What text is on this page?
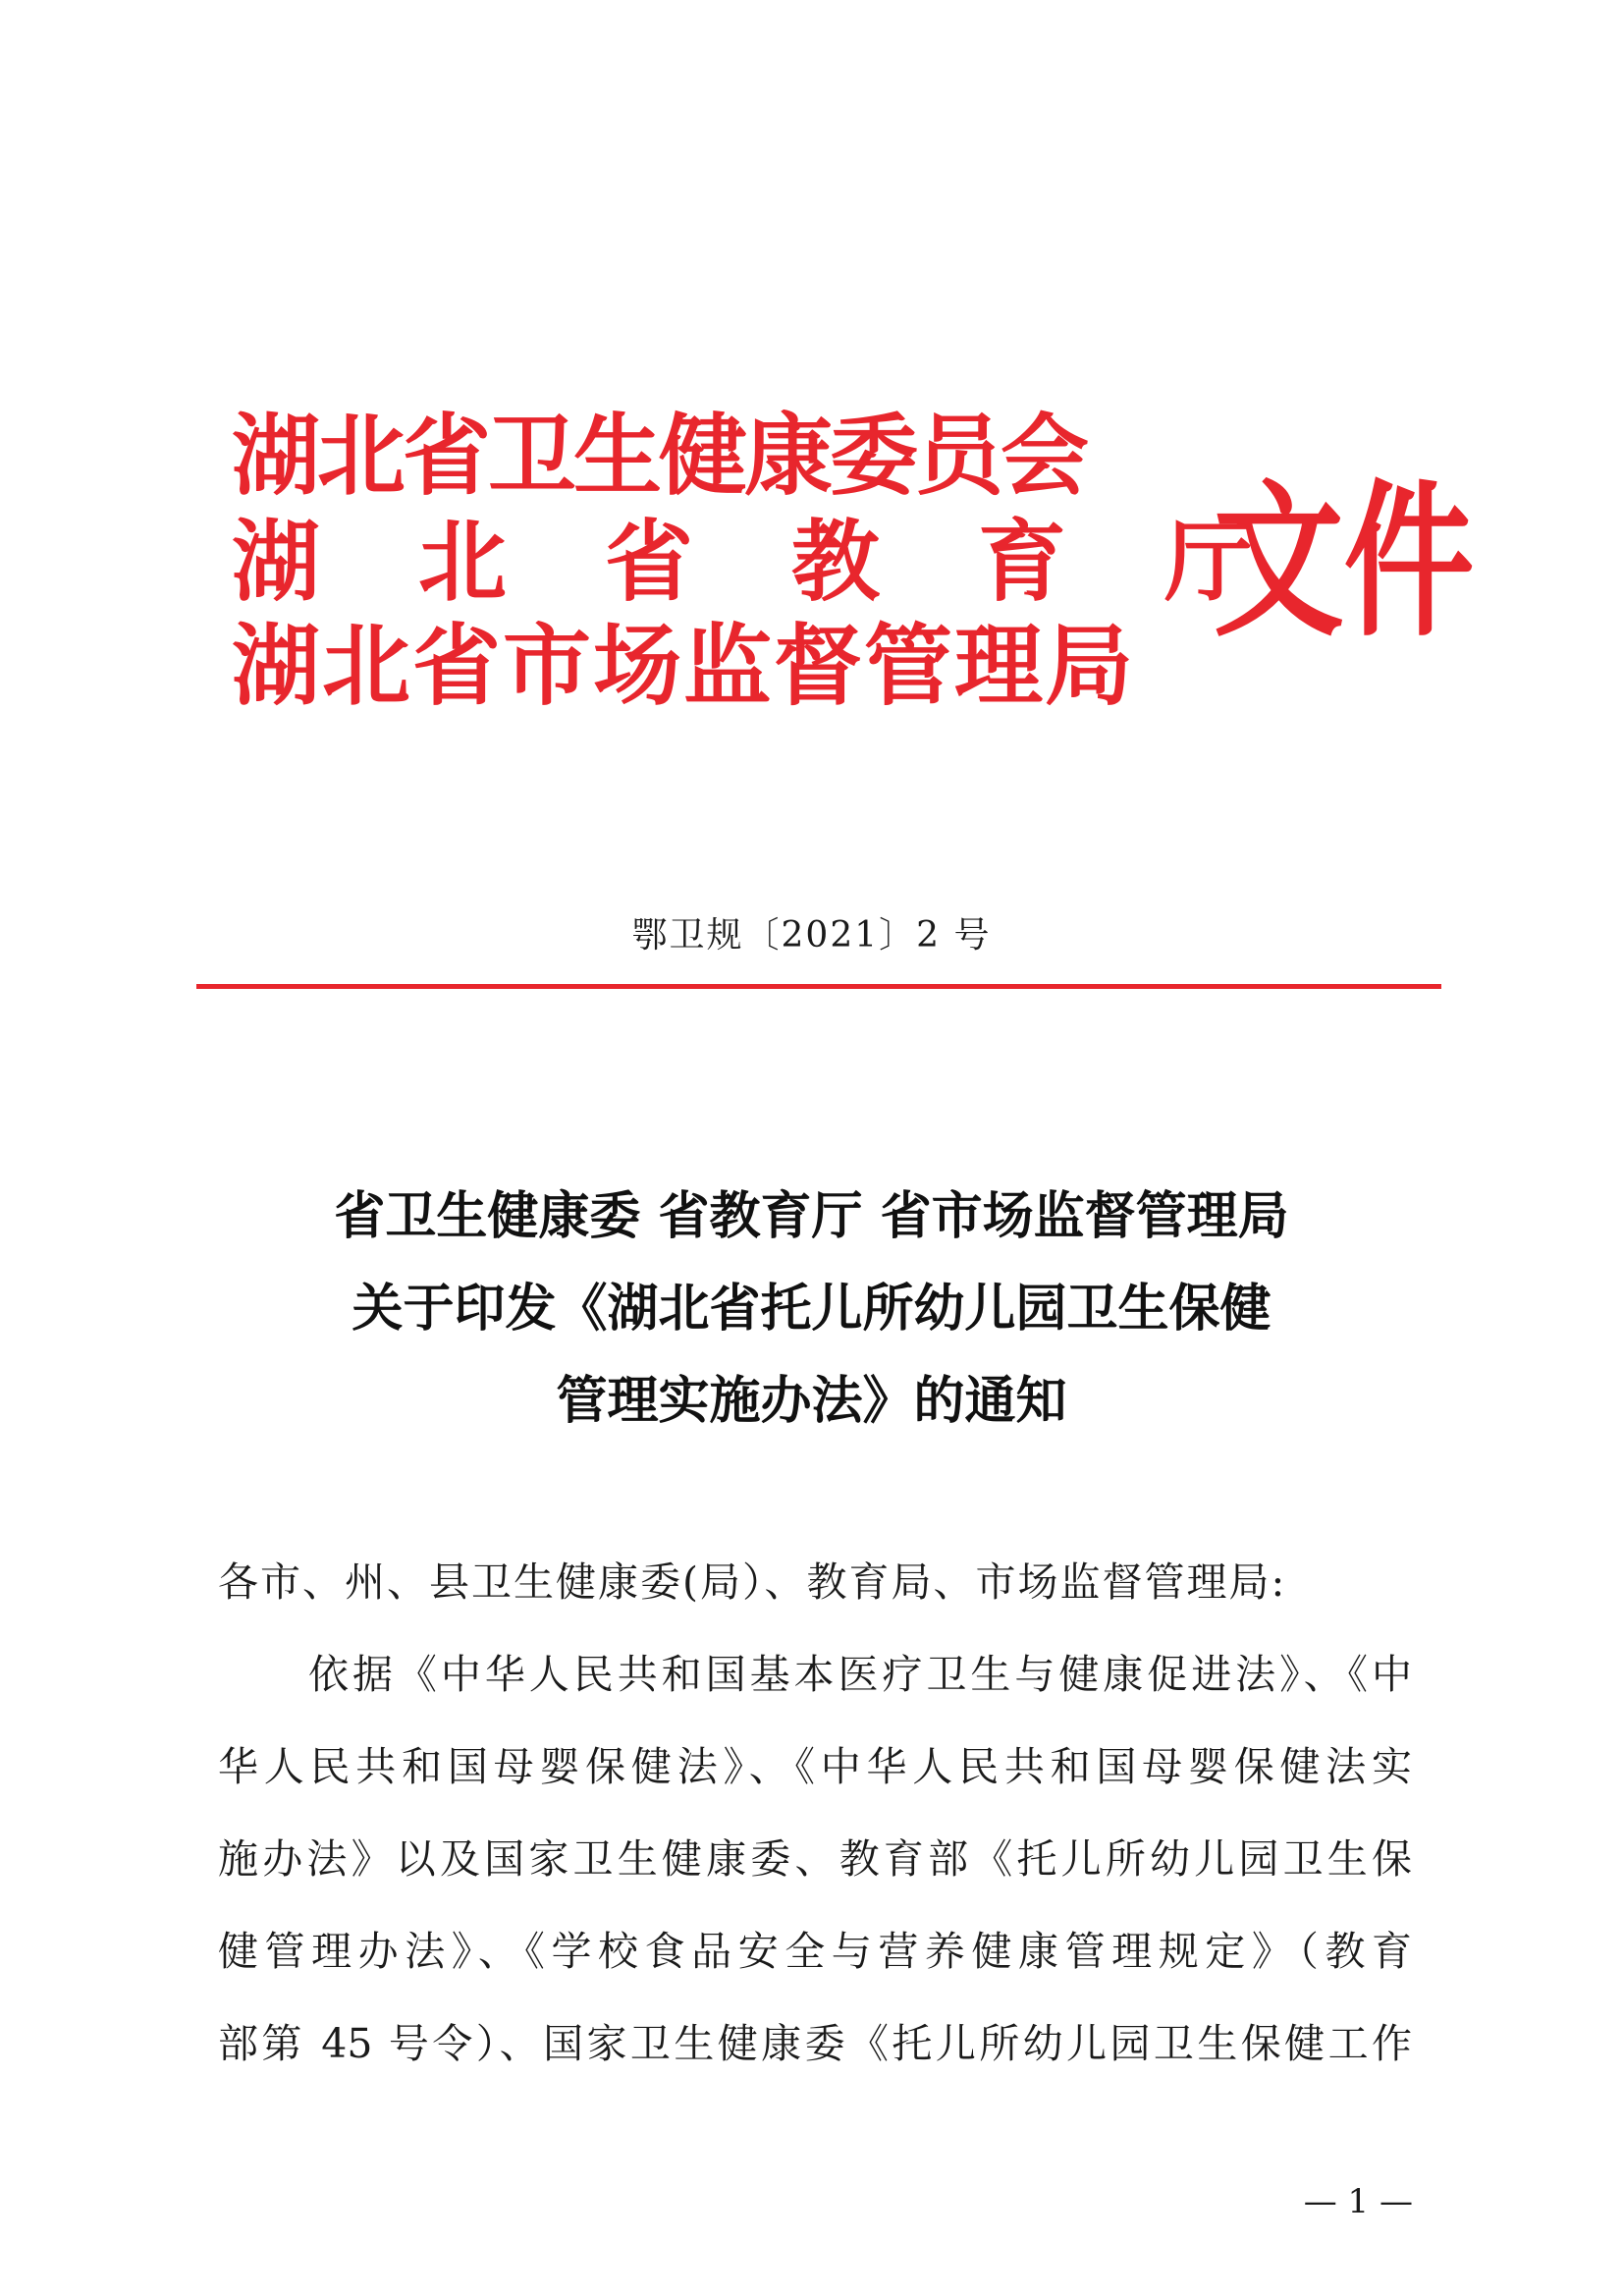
湖北省卫生健康委员会
湖北省教育厅
湖北省市场监督管理局
文件
鄂卫规〔2021〕2 号
省卫生健康委 省教育厅 省市场监督管理局
关于印发《湖北省托儿所幼儿园卫生保健
管理实施办法》的通知
各市、州、县卫生健康委(局）、教育局、市场监督管理局:
依据《中华人民共和国基本医疗卫生与健康促进法》、《中
华人民共和国母婴保健法》、《中华人民共和国母婴保健法实
施办法》以及国家卫生健康委、教育部《托儿所幼儿园卫生保
健管理办法》、《学校食品安全与营养健康管理规定》（教育
部第 45 号令）、国家卫生健康委《托儿所幼儿园卫生保健工作
— 1 —
